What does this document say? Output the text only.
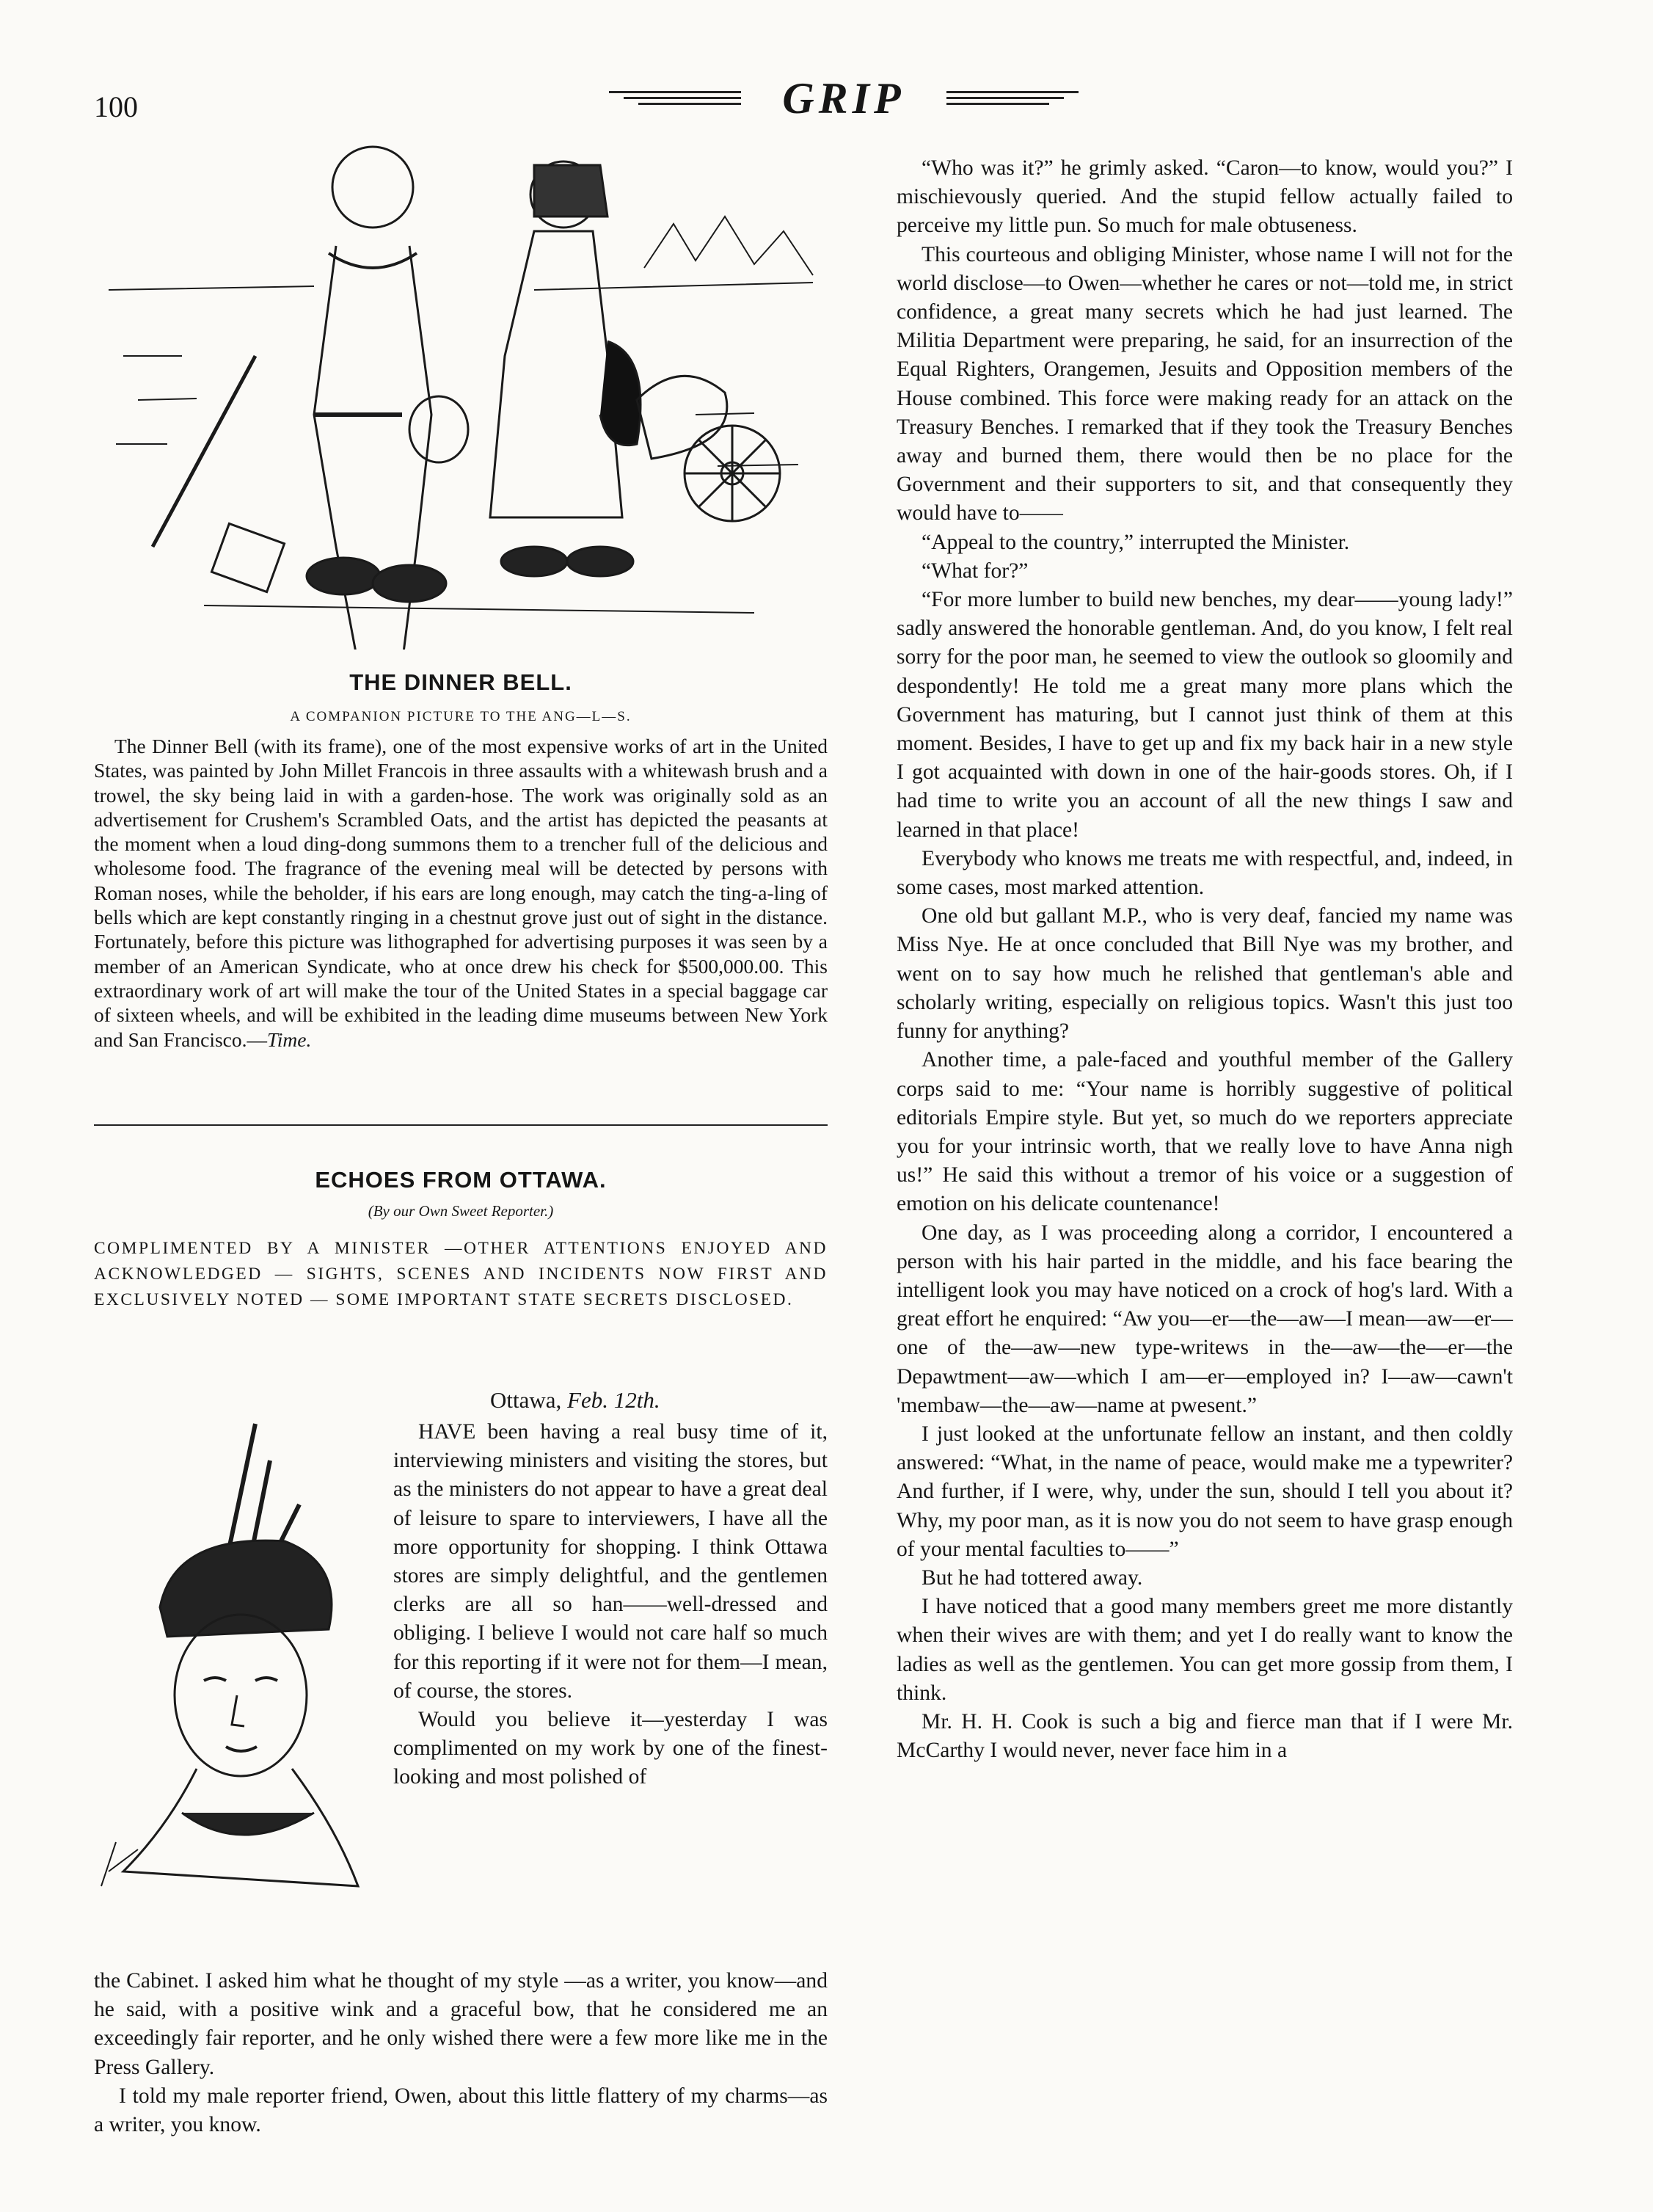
100	GRIP
THE DINNER BELL.
A COMPANION PICTURE TO THE ANG—L—S.

The Dinner Bell (with its frame), one of the most expensive works of art in the United States, was painted by John Millet Francois in three assaults with a whitewash brush and a trowel, the sky being laid in with a garden-hose. The work was originally sold as an advertisement for Crushem's Scrambled Oats, and the artist has depicted the peasants at the moment when a loud ding-dong summons them to a trencher full of the delicious and wholesome food. The fragrance of the evening meal will be detected by persons with Roman noses, while the beholder, if his ears are long enough, may catch the ting-a-ling of bells which are kept constantly ringing in a chestnut grove just out of sight in the distance. Fortunately, before this picture was lithographed for advertising purposes it was seen by a member of an American Syndicate, who at once drew his check for $500,000.00. This extraordinary work of art will make the tour of the United States in a special baggage car of sixteen wheels, and will be exhibited in the leading dime museums between New York and San Francisco.—Time.

ECHOES FROM OTTAWA.
(By our Own Sweet Reporter.)
COMPLIMENTED BY A MINISTER —OTHER ATTENTIONS ENJOYED AND ACKNOWLEDGED — SIGHTS, SCENES AND INCIDENTS NOW FIRST AND EXCLUSIVELY NOTED — SOME IMPORTANT STATE SECRETS DISCLOSED.
Ottawa, Feb. 12th.

HAVE been having a real busy time of it, interviewing ministers and visiting the stores, but as the ministers do not appear to have a great deal of leisure to spare to interviewers, I have all the more opportunity for shopping. I think Ottawa stores are simply delightful, and the gentlemen clerks are all so han——well-dressed and obliging. I believe I would not care half so much for this reporting if it were not for them—I mean, of course, the stores.

Would you believe it—yesterday I was complimented on my work by one of the finest-looking and most polished of

the Cabinet. I asked him what he thought of my style —as a writer, you know—and he said, with a positive wink and a graceful bow, that he considered me an exceedingly fair reporter, and he only wished there were a few more like me in the Press Gallery.

I told my male reporter friend, Owen, about this little flattery of my charms—as a writer, you know.

“Who was it?” he grimly asked. “Caron—to know, would you?” I mischievously queried. And the stupid fellow actually failed to perceive my little pun. So much for male obtuseness.

This courteous and obliging Minister, whose name I will not for the world disclose—to Owen—whether he cares or not—told me, in strict confidence, a great many secrets which he had just learned. The Militia Department were preparing, he said, for an insurrection of the Equal Righters, Orangemen, Jesuits and Opposition members of the House combined. This force were making ready for an attack on the Treasury Benches. I remarked that if they took the Treasury Benches away and burned them, there would then be no place for the Government and their supporters to sit, and that consequently they would have to——

“Appeal to the country,” interrupted the Minister.

“What for?”

“For more lumber to build new benches, my dear——young lady!” sadly answered the honorable gentleman. And, do you know, I felt real sorry for the poor man, he seemed to view the outlook so gloomily and despondently! He told me a great many more plans which the Government has maturing, but I cannot just think of them at this moment. Besides, I have to get up and fix my back hair in a new style I got acquainted with down in one of the hair-goods stores. Oh, if I had time to write you an account of all the new things I saw and learned in that place!

Everybody who knows me treats me with respectful, and, indeed, in some cases, most marked attention.

One old but gallant M.P., who is very deaf, fancied my name was Miss Nye. He at once concluded that Bill Nye was my brother, and went on to say how much he relished that gentleman's able and scholarly writing, especially on religious topics. Wasn't this just too funny for anything?

Another time, a pale-faced and youthful member of the Gallery corps said to me: “Your name is horribly suggestive of political editorials Empire style. But yet, so much do we reporters appreciate you for your intrinsic worth, that we really love to have Anna nigh us!” He said this without a tremor of his voice or a suggestion of emotion on his delicate countenance!

One day, as I was proceeding along a corridor, I encountered a person with his hair parted in the middle, and his face bearing the intelligent look you may have noticed on a crock of hog's lard. With a great effort he enquired: “Aw you—er—the—aw—I mean—aw—er—one of the—aw—new type-writews in the—aw—the—er—the Depawtment—aw—which I am—er—employed in? I—aw—cawn't 'membaw—the—aw—name at pwesent.”

I just looked at the unfortunate fellow an instant, and then coldly answered: “What, in the name of peace, would make me a typewriter? And further, if I were, why, under the sun, should I tell you about it? Why, my poor man, as it is now you do not seem to have grasp enough of your mental faculties to——”

But he had tottered away.

I have noticed that a good many members greet me more distantly when their wives are with them; and yet I do really want to know the ladies as well as the gentlemen. You can get more gossip from them, I think.

Mr. H. H. Cook is such a big and fierce man that if I were Mr. McCarthy I would never, never face him in a
